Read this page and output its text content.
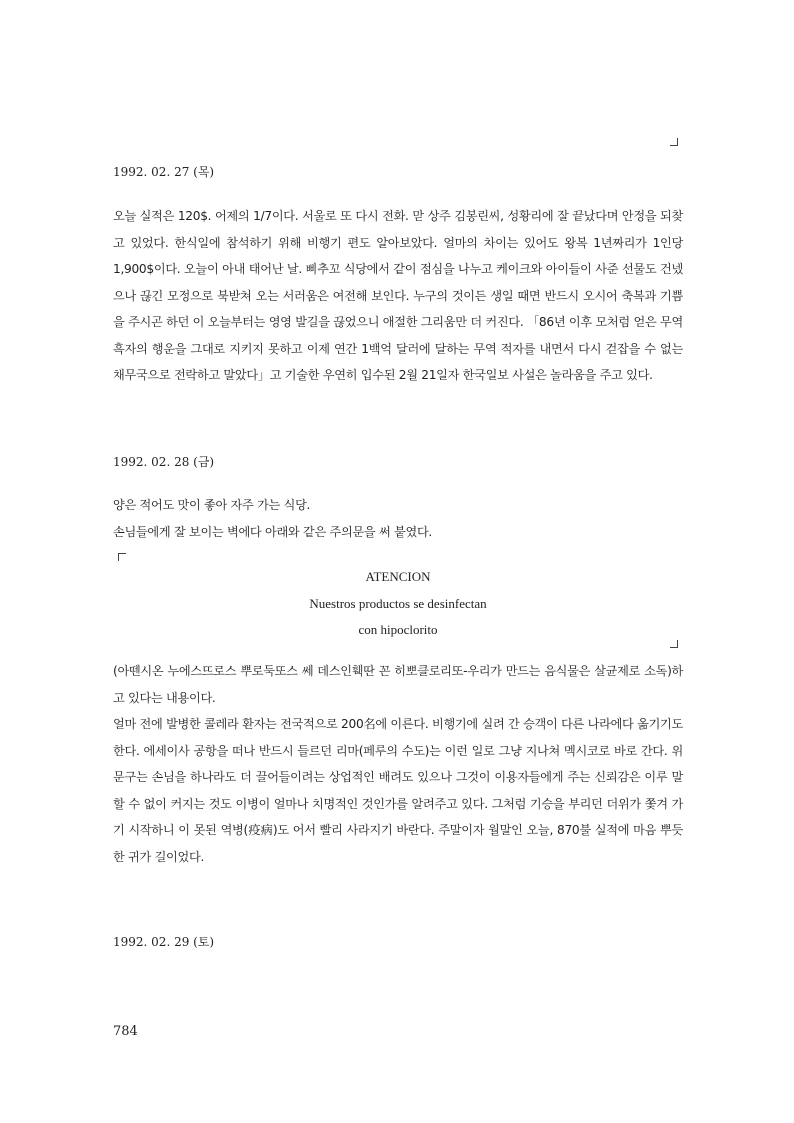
1992. 02. 27 (목)

오늘 실적은 120$. 어제의 1/7이다. 서울로 또 다시 전화. 맏 상주 김봉린씨, 성황리에 잘 끝났다며 안정을 되찾고 있었다. 한식일에 참석하기 위해 비행기 편도 알아보았다. 얼마의 차이는 있어도 왕복 1년짜리가 1인당 1,900$이다. 오늘이 아내 태어난 날. 삐추꼬 식당에서 같이 점심을 나누고 케이크와 아이들이 사준 선물도 건넸으나 끊긴 모정으로 북받쳐 오는 서러움은 여전해 보인다. 누구의 것이든 생일 때면 반드시 오시어 축복과 기쁨을 주시곤 하던 이 오늘부터는 영영 발길을 끊었으니 애절한 그리움만 더 커진다. 「86년 이후 모처럼 얻은 무역 흑자의 행운을 그대로 지키지 못하고 이제 연간 1백억 달러에 달하는 무역 적자를 내면서 다시 걷잡을 수 없는 채무국으로 전락하고 말았다」고 기술한 우연히 입수된 2월 21일자 한국일보 사설은 놀라움을 주고 있다.

1992. 02. 28 (금)

양은 적어도 맛이 좋아 자주 가는 식당.

손님들에게 잘 보이는 벽에다 아래와 같은 주의문을 써 붙였다.

ATENCION
Nuestros productos se desinfectan
con hipoclorito

(아뗀시온 누에스뜨로스 뿌로둑또스 쎄 데스인훽딴 꼰 히뽀클로리또-우리가 만드는 음식물은 살균제로 소독)하고 있다는 내용이다.

얼마 전에 발병한 콜레라 환자는 전국적으로 200名에 이른다. 비행기에 실려 간 승객이 다른 나라에다 옮기기도 한다. 에세이사 공항을 떠나 반드시 들르던 리마(페루의 수도)는 이런 일로 그냥 지나쳐 멕시코로 바로 간다. 위 문구는 손님을 하나라도 더 끌어들이려는 상업적인 배려도 있으나 그것이 이용자들에게 주는 신뢰감은 이루 말 할 수 없이 커지는 것도 이병이 얼마나 치명적인 것인가를 알려주고 있다. 그처럼 기승을 부리던 더위가 쫓겨 가기 시작하니 이 못된 역병(疫病)도 어서 빨리 사라지기 바란다. 주말이자 월말인 오늘, 870불 실적에 마음 뿌듯한 귀가 길이었다.

1992. 02. 29 (토)
784
